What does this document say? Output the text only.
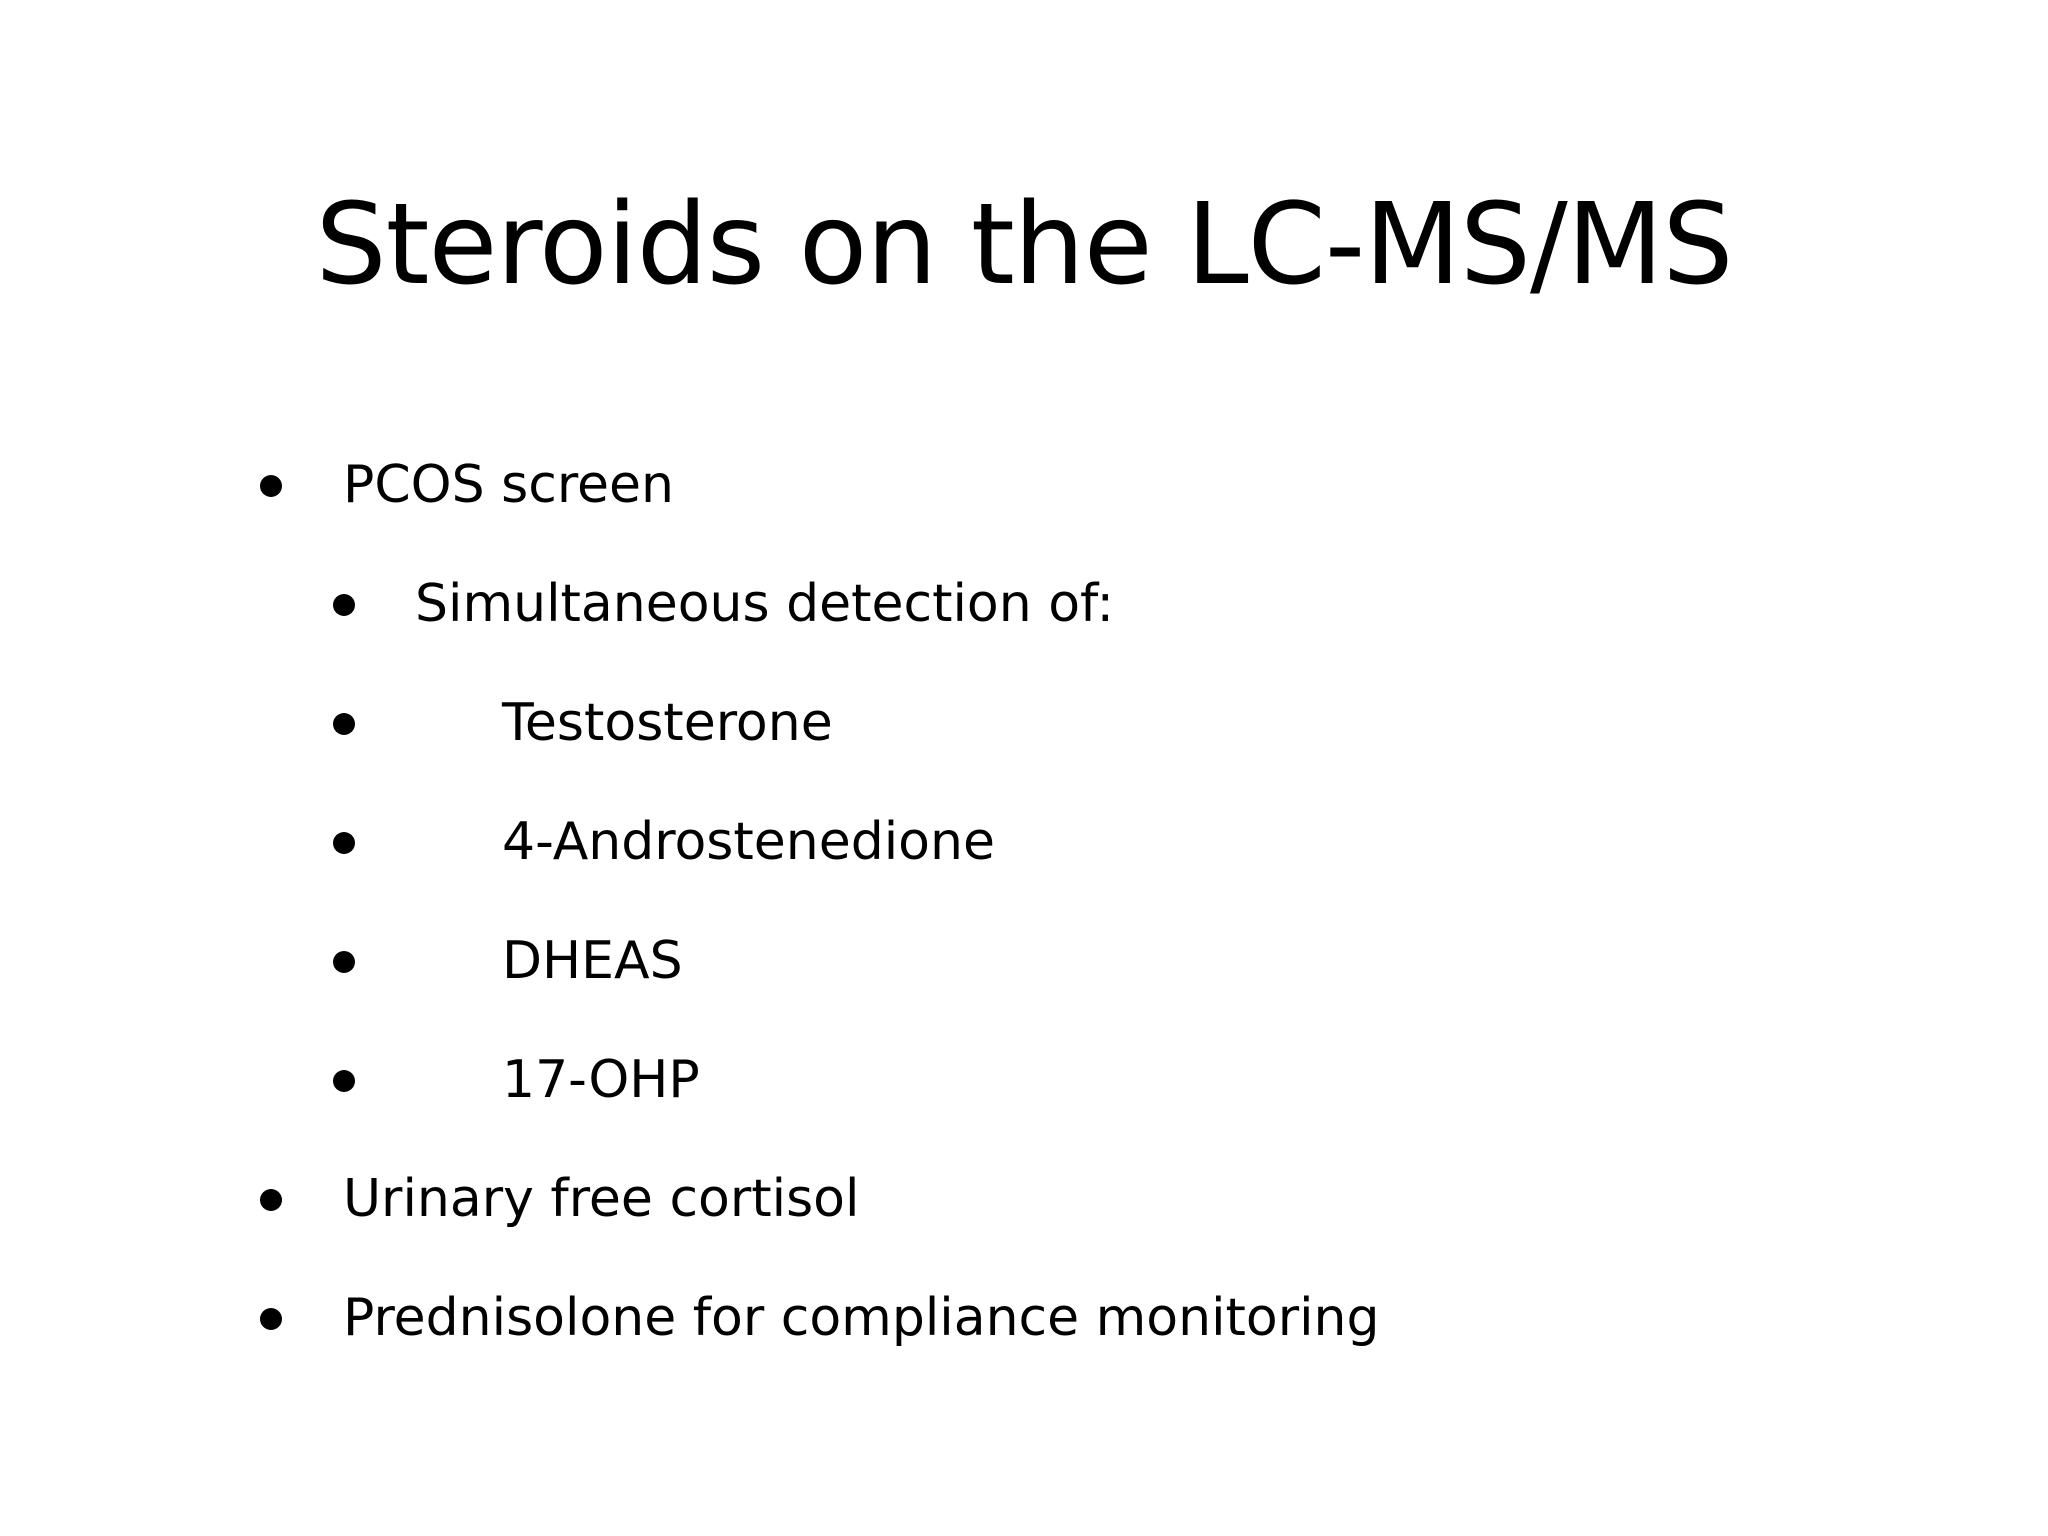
Steroids on the LC-MS/MS
PCOS screen
Simultaneous detection of:
Testosterone
4-Androstenedione
DHEAS
17-OHP
Urinary free cortisol
Prednisolone for compliance monitoring
